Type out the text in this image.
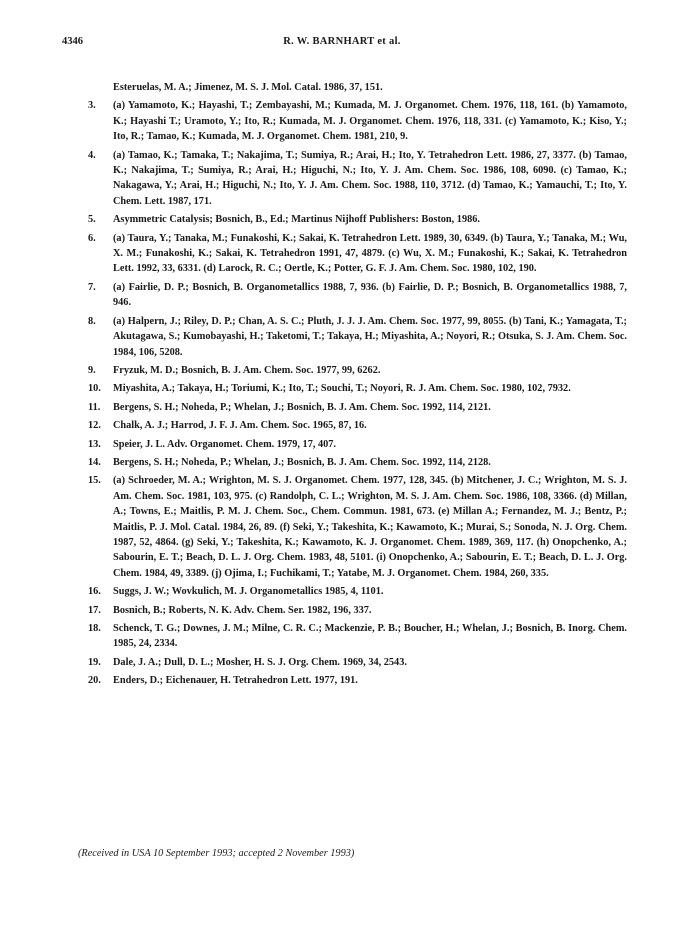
4346	R. W. BARNHART et al.
Esteruelas, M. A.; Jimenez, M. S. J. Mol. Catal. 1986, 37, 151.
3. (a) Yamamoto, K.; Hayashi, T.; Zembayashi, M.; Kumada, M. J. Organomet. Chem. 1976, 118, 161. (b) Yamamoto, K.; Hayashi T.; Uramoto, Y.; Ito, R.; Kumada, M. J. Organomet. Chem. 1976, 118, 331. (c) Yamamoto, K.; Kiso, Y.; Ito, R.; Tamao, K.; Kumada, M. J. Organomet. Chem. 1981, 210, 9.
4. (a) Tamao, K.; Tamaka, T.; Nakajima, T.; Sumiya, R.; Arai, H.; Ito, Y. Tetrahedron Lett. 1986, 27, 3377. (b) Tamao, K.; Nakajima, T.; Sumiya, R.; Arai, H.; Higuchi, N.; Ito, Y. J. Am. Chem. Soc. 1986, 108, 6090. (c) Tamao, K.; Nakagawa, Y.; Arai, H.; Higuchi, N.; Ito, Y. J. Am. Chem. Soc. 1988, 110, 3712. (d) Tamao, K.; Yamauchi, T.; Ito, Y. Chem. Lett. 1987, 171.
5. Asymmetric Catalysis; Bosnich, B., Ed.; Martinus Nijhoff Publishers: Boston, 1986.
6. (a) Taura, Y.; Tanaka, M.; Funakoshi, K.; Sakai, K. Tetrahedron Lett. 1989, 30, 6349. (b) Taura, Y.; Tanaka, M.; Wu, X. M.; Funakoshi, K.; Sakai, K. Tetrahedron 1991, 47, 4879. (c) Wu, X. M.; Funakoshi, K.; Sakai, K. Tetrahedron Lett. 1992, 33, 6331. (d) Larock, R. C.; Oertle, K.; Potter, G. F. J. Am. Chem. Soc. 1980, 102, 190.
7. (a) Fairlie, D. P.; Bosnich, B. Organometallics 1988, 7, 936. (b) Fairlie, D. P.; Bosnich, B. Organometallics 1988, 7, 946.
8. (a) Halpern, J.; Riley, D. P.; Chan, A. S. C.; Pluth, J. J. J. Am. Chem. Soc. 1977, 99, 8055. (b) Tani, K.; Yamagata, T.; Akutagawa, S.; Kumobayashi, H.; Taketomi, T.; Takaya, H.; Miyashita, A.; Noyori, R.; Otsuka, S. J. Am. Chem. Soc. 1984, 106, 5208.
9. Fryzuk, M. D.; Bosnich, B. J. Am. Chem. Soc. 1977, 99, 6262.
10. Miyashita, A.; Takaya, H.; Toriumi, K.; Ito, T.; Souchi, T.; Noyori, R. J. Am. Chem. Soc. 1980, 102, 7932.
11. Bergens, S. H.; Noheda, P.; Whelan, J.; Bosnich, B. J. Am. Chem. Soc. 1992, 114, 2121.
12. Chalk, A. J.; Harrod, J. F. J. Am. Chem. Soc. 1965, 87, 16.
13. Speier, J. L. Adv. Organomet. Chem. 1979, 17, 407.
14. Bergens, S. H.; Noheda, P.; Whelan, J.; Bosnich, B. J. Am. Chem. Soc. 1992, 114, 2128.
15. (a) Schroeder, M. A.; Wrighton, M. S. J. Organomet. Chem. 1977, 128, 345. (b) Mitchener, J. C.; Wrighton, M. S. J. Am. Chem. Soc. 1981, 103, 975. (c) Randolph, C. L.; Wrighton, M. S. J. Am. Chem. Soc. 1986, 108, 3366. (d) Millan, A.; Towns, E.; Maitlis, P. M. J. Chem. Soc., Chem. Commun. 1981, 673. (e) Millan A.; Fernandez, M. J.; Bentz, P.; Maitlis, P. J. Mol. Catal. 1984, 26, 89. (f) Seki, Y.; Takeshita, K.; Kawamoto, K.; Murai, S.; Sonoda, N. J. Org. Chem. 1987, 52, 4864. (g) Seki, Y.; Takeshita, K.; Kawamoto, K. J. Organomet. Chem. 1989, 369, 117. (h) Onopchenko, A.; Sabourin, E. T.; Beach, D. L. J. Org. Chem. 1983, 48, 5101. (i) Onopchenko, A.; Sabourin, E. T.; Beach, D. L. J. Org. Chem. 1984, 49, 3389. (j) Ojima, I.; Fuchikami, T.; Yatabe, M. J. Organomet. Chem. 1984, 260, 335.
16. Suggs, J. W.; Wovkulich, M. J. Organometallics 1985, 4, 1101.
17. Bosnich, B.; Roberts, N. K. Adv. Chem. Ser. 1982, 196, 337.
18. Schenck, T. G.; Downes, J. M.; Milne, C. R. C.; Mackenzie, P. B.; Boucher, H.; Whelan, J.; Bosnich, B. Inorg. Chem. 1985, 24, 2334.
19. Dale, J. A.; Dull, D. L.; Mosher, H. S. J. Org. Chem. 1969, 34, 2543.
20. Enders, D.; Eichenauer, H. Tetrahedron Lett. 1977, 191.
(Received in USA 10 September 1993; accepted 2 November 1993)
